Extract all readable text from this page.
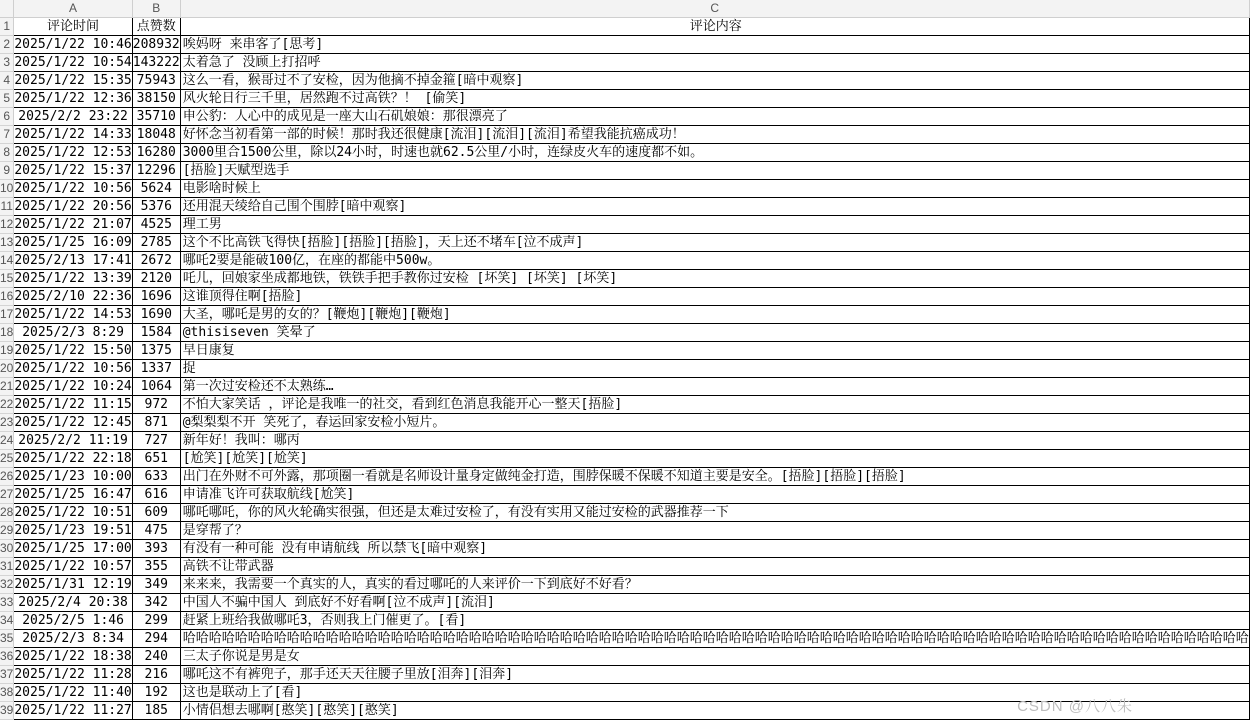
	A	B	C
1	评论时间	点赞数	评论内容
2	2025/1/22 10:46	208932	唉妈呀 来串客了[思考]
3	2025/1/22 10:54	143222	太着急了 没顾上打招呼
4	2025/1/22 15:35	75943	这么一看，猴哥过不了安检，因为他摘不掉金箍[暗中观察]
5	2025/1/22 12:36	38150	风火轮日行三千里，居然跑不过高铁？！ [偷笑]
6	2025/2/2 23:22	35710	申公豹：人心中的成见是一座大山石矶娘娘：那很漂亮了
7	2025/1/22 14:33	18048	好怀念当初看第一部的时候！那时我还很健康[流泪][流泪][流泪]希望我能抗癌成功！
8	2025/1/22 12:53	16280	3000里合1500公里，除以24小时，时速也就62.5公里/小时，连绿皮火车的速度都不如。
9	2025/1/22 15:37	12296	[捂脸]天赋型选手
10	2025/1/22 10:56	5624	电影啥时候上
11	2025/1/22 20:56	5376	还用混天绫给自己围个围脖[暗中观察]
12	2025/1/22 21:07	4525	理工男
13	2025/1/25 16:09	2785	这个不比高铁飞得快[捂脸][捂脸][捂脸]，天上还不堵车[泣不成声]
14	2025/2/13 17:41	2672	哪吒2要是能破100亿，在座的都能中500w。
15	2025/1/22 13:39	2120	吒儿，回娘家坐成都地铁，铁铁手把手教你过安检 [坏笑] [坏笑] [坏笑]
16	2025/2/10 22:36	1696	这谁顶得住啊[捂脸]
17	2025/1/22 14:53	1690	大圣，哪吒是男的女的？[鞭炮][鞭炮][鞭炮]
18	2025/2/3 8:29	1584	@thisiseven 笑晕了
19	2025/1/22 15:50	1375	早日康复
20	2025/1/22 10:56	1337	捉
21	2025/1/22 10:24	1064	第一次过安检还不太熟练…
22	2025/1/22 11:15	972	不怕大家笑话 ，评论是我唯一的社交，看到红色消息我能开心一整天[捂脸]
23	2025/1/22 12:45	871	@梨梨梨不开 笑死了，春运回家安检小短片。
24	2025/2/2 11:19	727	新年好！我叫：哪丙
25	2025/1/22 22:18	651	[尬笑][尬笑][尬笑]
26	2025/1/23 10:00	633	出门在外财不可外露，那项圈一看就是名师设计量身定做纯金打造，围脖保暖不保暖不知道主要是安全。[捂脸][捂脸][捂脸]
27	2025/1/25 16:47	616	申请准飞许可获取航线[尬笑]
28	2025/1/22 10:51	609	哪吒哪吒，你的风火轮确实很强，但还是太难过安检了，有没有实用又能过安检的武器推荐一下
29	2025/1/23 19:51	475	是穿帮了？
30	2025/1/25 17:00	393	有没有一种可能 没有申请航线 所以禁飞[暗中观察]
31	2025/1/22 10:57	355	高铁不让带武器
32	2025/1/31 12:19	349	来来来，我需要一个真实的人，真实的看过哪吒的人来评价一下到底好不好看？
33	2025/2/4 20:38	342	中国人不骗中国人 到底好不好看啊[泣不成声][流泪]
34	2025/2/5 1:46	299	赶紧上班给我做哪吒3，否则我上门催更了。[看]
35	2025/2/3 8:34	294	哈哈哈哈哈哈哈哈哈哈哈哈哈哈哈哈哈哈哈哈哈哈哈哈哈哈哈哈哈哈哈哈哈哈哈哈哈哈哈哈哈哈哈哈哈哈哈哈哈哈哈哈哈哈哈哈哈哈哈哈哈哈哈哈哈哈哈哈哈哈哈哈哈哈哈哈哈哈哈哈哈哈
36	2025/1/22 18:38	240	三太子你说是男是女
37	2025/1/22 11:28	216	哪吒这不有裤兜子，那手还天天往腰子里放[泪奔][泪奔]
38	2025/1/22 11:40	192	这也是联动上了[看]
39	2025/1/22 11:27	185	小情侣想去哪啊[憨笑][憨笑][憨笑]	CSDN @八八朱
